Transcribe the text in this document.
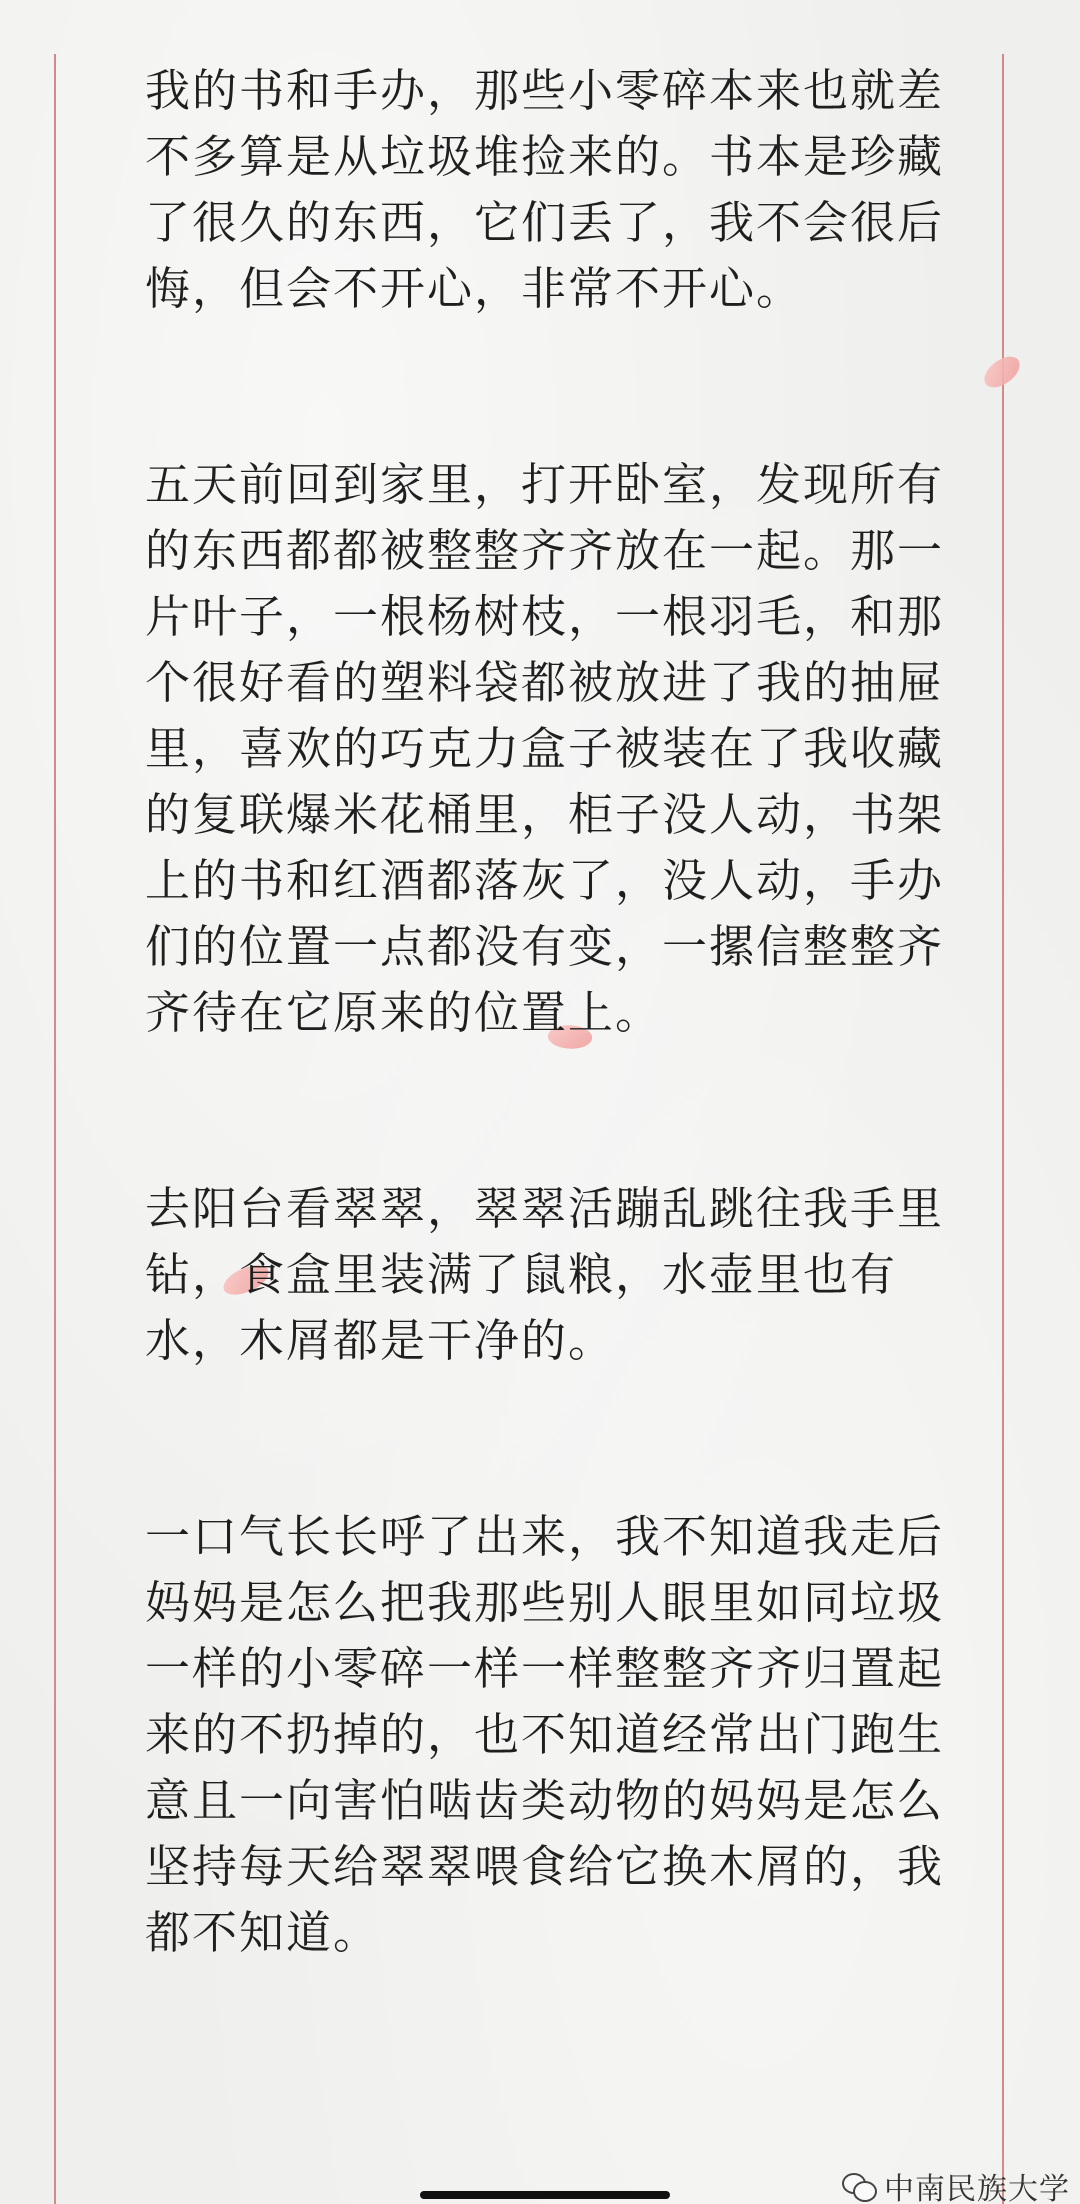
我的书和手办，那些小零碎本来也就差不多算是从垃圾堆捡来的。书本是珍藏了很久的东西，它们丢了，我不会很后悔，但会不开心，非常不开心。

五天前回到家里，打开卧室，发现所有的东西都都被整整齐齐放在一起。那一片叶子，一根杨树枝，一根羽毛，和那个很好看的塑料袋都被放进了我的抽屉里，喜欢的巧克力盒子被装在了我收藏的复联爆米花桶里，柜子没人动，书架上的书和红酒都落灰了，没人动，手办们的位置一点都没有变，一摞信整整齐齐待在它原来的位置上。

去阳台看翠翠，翠翠活蹦乱跳往我手里钻，食盒里装满了鼠粮，水壶里也有水，木屑都是干净的。

一口气长长呼了出来，我不知道我走后妈妈是怎么把我那些别人眼里如同垃圾一样的小零碎一样一样整整齐齐归置起来的不扔掉的，也不知道经常出门跑生意且一向害怕啮齿类动物的妈妈是怎么坚持每天给翠翠喂食给它换木屑的，我都不知道。

中南民族大学
